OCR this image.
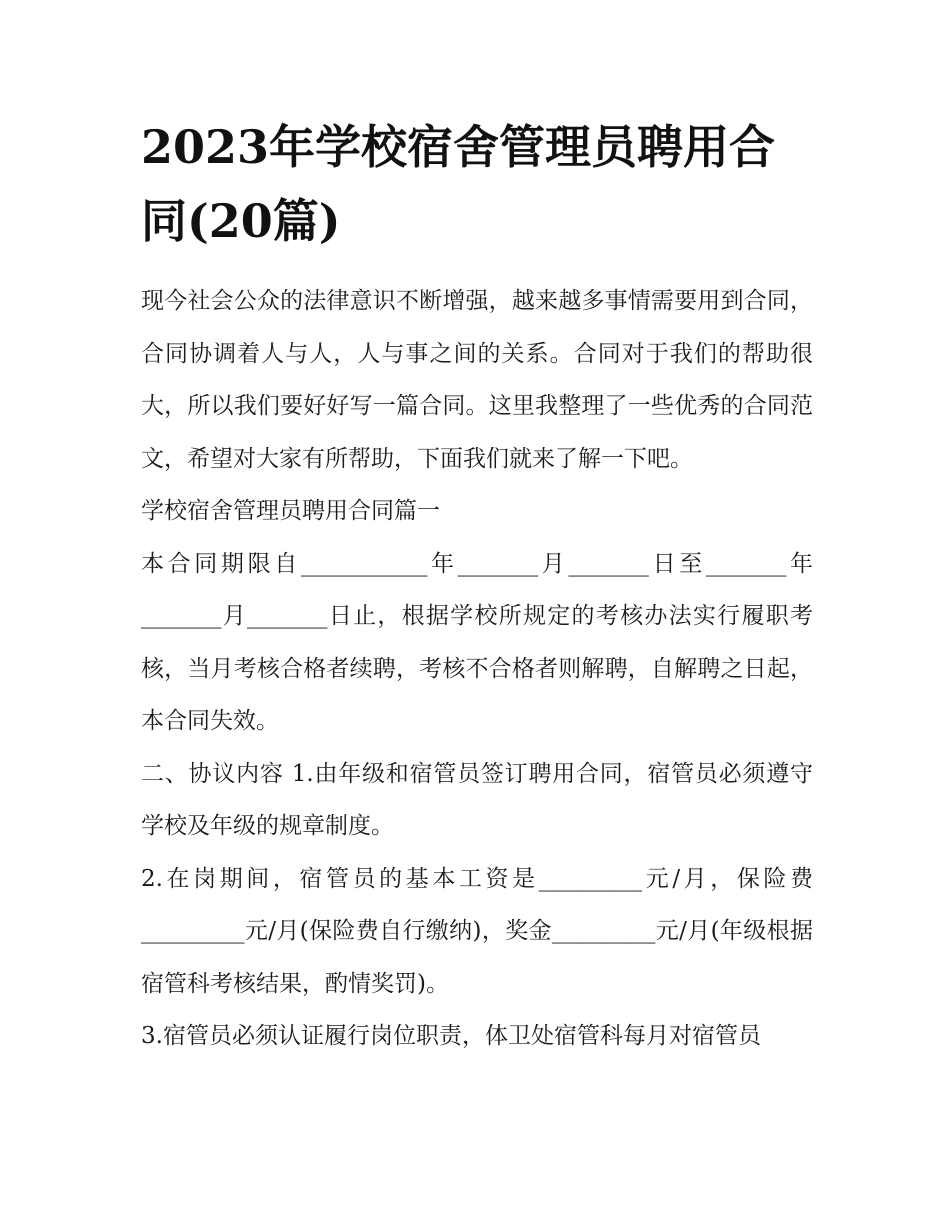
2023年学校宿舍管理员聘用合同(20篇)

现今社会公众的法律意识不断增强，越来越多事情需要用到合同，合同协调着人与人，人与事之间的关系。合同对于我们的帮助很大，所以我们要好好写一篇合同。这里我整理了一些优秀的合同范文，希望对大家有所帮助，下面我们就来了解一下吧。

学校宿舍管理员聘用合同篇一

本合同期限自___________年_______月_______日至_______年_______月_______日止，根据学校所规定的考核办法实行履职考核，当月考核合格者续聘，考核不合格者则解聘，自解聘之日起，本合同失效。

二、协议内容 1.由年级和宿管员签订聘用合同，宿管员必须遵守学校及年级的规章制度。

2.在岗期间，宿管员的基本工资是_________元/月，保险费_________元/月(保险费自行缴纳)，奖金_________元/月(年级根据宿管科考核结果，酌情奖罚)。

3.宿管员必须认证履行岗位职责，体卫处宿管科每月对宿管员
